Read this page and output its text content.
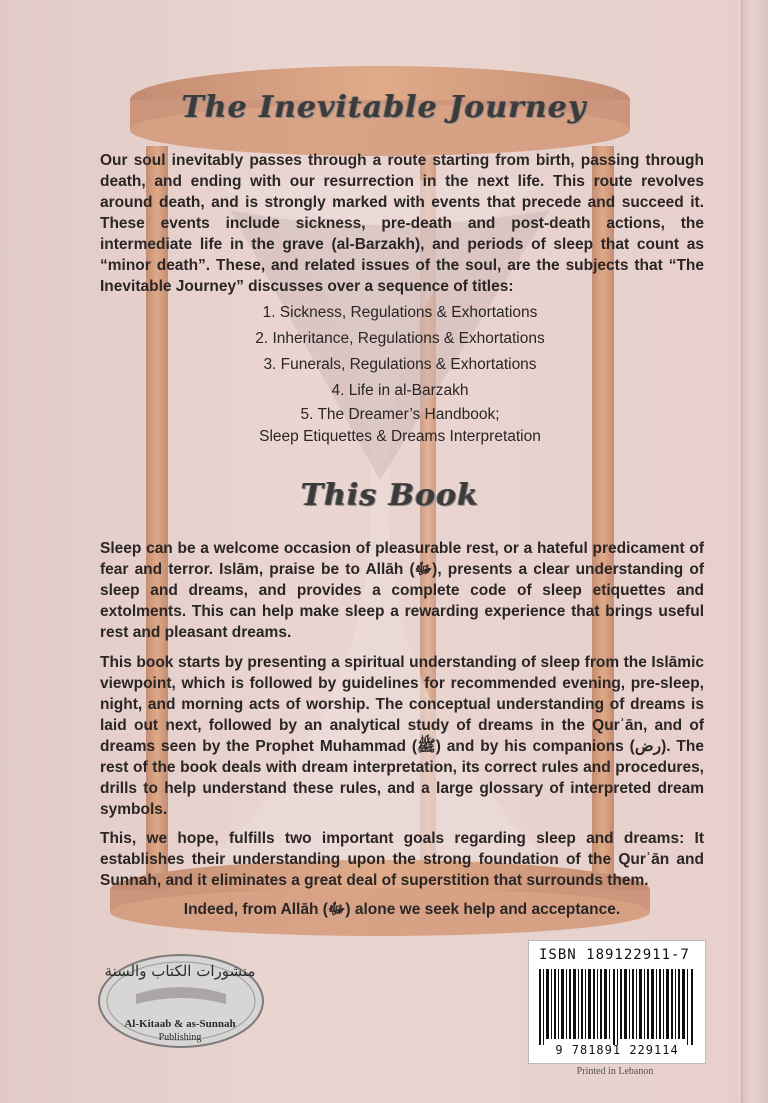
The Inevitable Journey

Our soul inevitably passes through a route starting from birth, passing through death, and ending with our resurrection in the next life. This route revolves around death, and is strongly marked with events that precede and succeed it. These events include sickness, pre-death and post-death actions, the intermediate life in the grave (al-Barzakh), and periods of sleep that count as “minor death”. These, and related issues of the soul, are the subjects that “The Inevitable Journey” discusses over a sequence of titles:

1. Sickness, Regulations & Exhortations
2. Inheritance, Regulations & Exhortations
3. Funerals, Regulations & Exhortations
4. Life in al-Barzakh
5. The Dreamer’s Handbook;
Sleep Etiquettes & Dreams Interpretation
This Book

Sleep can be a welcome occasion of pleasurable rest, or a hateful predicament of fear and terror. Islām, praise be to Allāh (ﷻ), presents a clear understanding of sleep and dreams, and provides a complete code of sleep etiquettes and extolments. This can help make sleep a rewarding experience that brings useful rest and pleasant dreams.

This book starts by presenting a spiritual understanding of sleep from the Islāmic viewpoint, which is followed by guidelines for recommended evening, pre-sleep, night, and morning acts of worship. The conceptual understanding of dreams is laid out next, followed by an analytical study of dreams in the Qurʾān, and of dreams seen by the Prophet Muhammad (ﷺ) and by his companions (رض). The rest of the book deals with dream interpretation, its correct rules and procedures, drills to help understand these rules, and a large glossary of interpreted dream symbols.

This, we hope, fulfills two important goals regarding sleep and dreams: It establishes their understanding upon the strong foundation of the Qurʾān and Sunnah, and it eliminates a great deal of superstition that surrounds them.

Indeed, from Allāh (ﷻ) alone we seek help and acceptance.

منشورات الكتاب والسنة
Al-Kitaab & as-Sunnah
Publishing
ISBN 189122911-7
9 781891 229114
Printed in Lebanon
